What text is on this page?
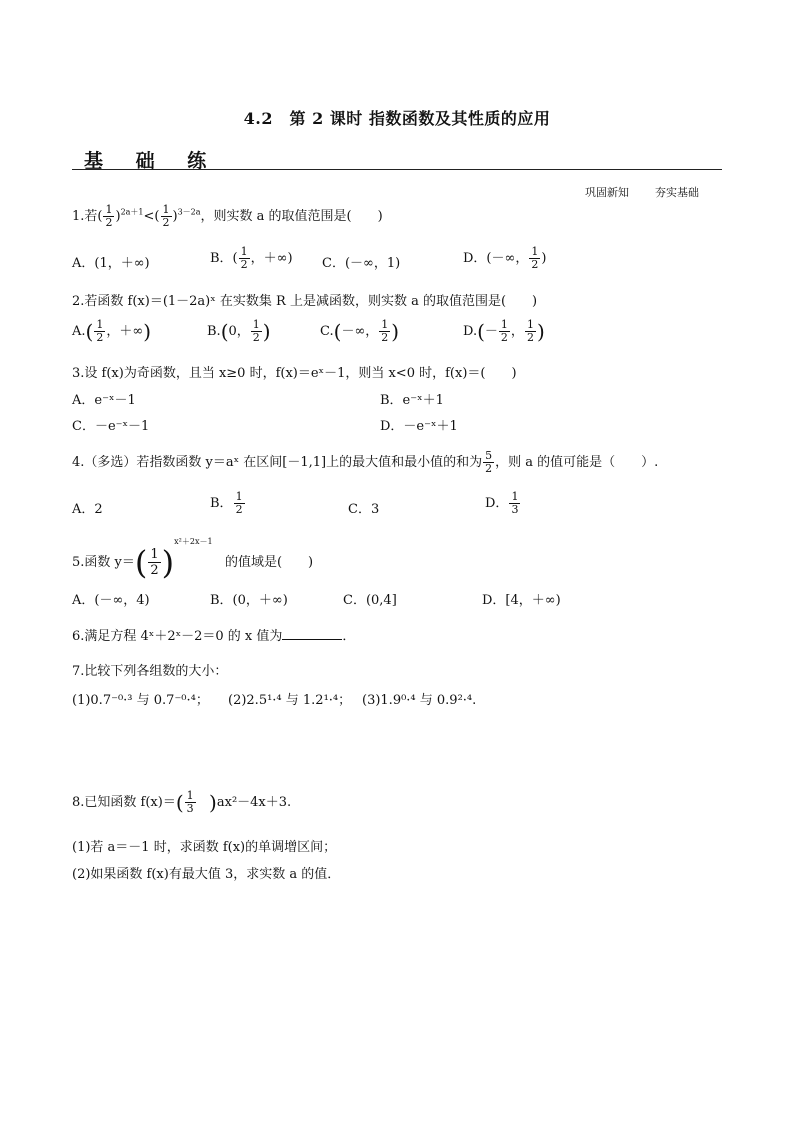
4.2　第 2 课时 指数函数及其性质的应用
基 础 练
巩固新知 夯实基础
1.若( $\frac{1}{2} )^{2a+1}<( \frac{1}{2} )^{3-2a}$，则实数 a 的取值范围是(　　)
A．(1，＋∞)	B．( $\frac{1}{2}$ ，＋∞) C．(－∞，1)	D．(－∞， $\frac{1}{2}$ )
2.若函数 f(x)＝(1－2a)ˣ 在实数集 R 上是减函数，则实数 a 的取值范围是(　　)
$A.( \frac{1}{2}$ ，＋∞)	B.(0， $\frac{1}{2}$ )	C.(－∞， $\frac{1}{2}$ )	$D.(- \frac{1}{2}$ ， $\frac{1}{2}$ )
3.设 f(x)为奇函数，且当 x≥0 时，f(x)＝eˣ－1，则当 x<0 时，f(x)＝(　　)
A．e⁻ˣ－1	B．e⁻ˣ＋1
C．－e⁻ˣ－1	D．－e⁻ˣ＋1
4.（多选）若指数函数 y＝aˣ 在区间[－1,1]上的最大值和最小值的和为 $\frac{5}{2}$ ，则 a 的值可能是（　　）.
A．2	B． $\frac{1}{2}$	C．3	D． $\frac{1}{3}$
5.函数 $y=( \frac{1}{2} )^{x^2+2x-1}$   的值域是(　　)
A．(－∞，4)	B．(0，＋∞)	C．(0,4]	D．[4，＋∞)
6.满足方程 4ˣ＋2ˣ－2＝0 的 x 值为	．
7.比较下列各组数的大小：
(1)0.7⁻⁰·³ 与 0.7⁻⁰·⁴； (2)2.5¹·⁴ 与 1.2¹·⁴； (3)1.9⁰·⁴ 与 0.9²·⁴.
8.已知函数 $f(x)=( \frac{1}{3} )ax^2-4x+3$.
(1)若 a＝－1 时，求函数 f(x)的单调增区间；
(2)如果函数 f(x)有最大值 3，求实数 a 的值．
